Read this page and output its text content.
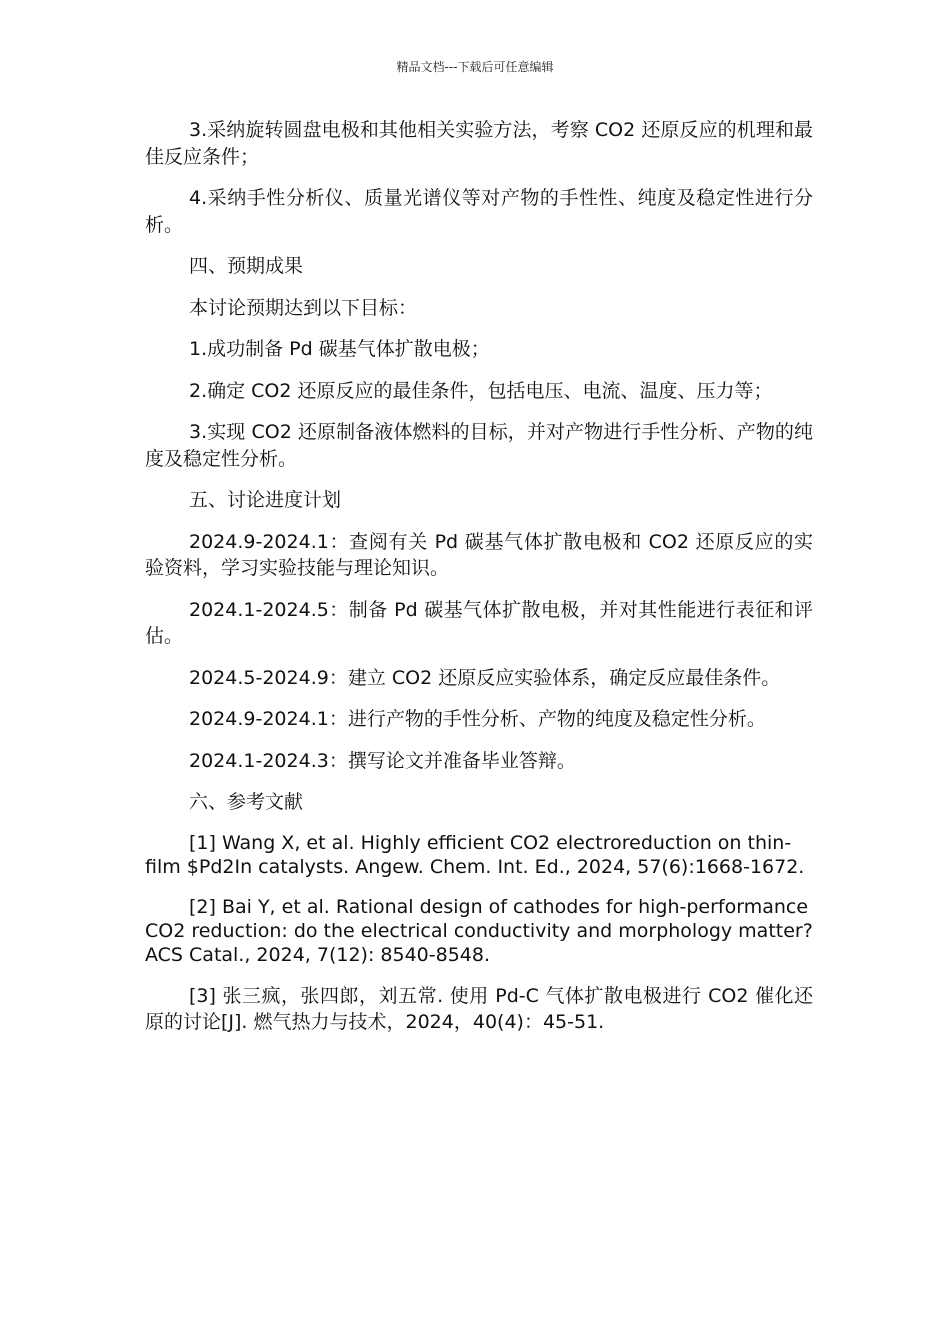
精品文档---下载后可任意编辑

3.采纳旋转圆盘电极和其他相关实验方法，考察 CO2 还原反应的机理和最佳反应条件；

4.采纳手性分析仪、质量光谱仪等对产物的手性性、纯度及稳定性进行分析。

四、预期成果

本讨论预期达到以下目标：

1.成功制备 Pd 碳基气体扩散电极；

2.确定 CO2 还原反应的最佳条件，包括电压、电流、温度、压力等；

3.实现 CO2 还原制备液体燃料的目标，并对产物进行手性分析、产物的纯度及稳定性分析。

五、讨论进度计划

2024.9-2024.1：查阅有关 Pd 碳基气体扩散电极和 CO2 还原反应的实验资料，学习实验技能与理论知识。

2024.1-2024.5：制备 Pd 碳基气体扩散电极，并对其性能进行表征和评估。

2024.5-2024.9：建立 CO2 还原反应实验体系，确定反应最佳条件。

2024.9-2024.1：进行产物的手性分析、产物的纯度及稳定性分析。

2024.1-2024.3：撰写论文并准备毕业答辩。

六、参考文献

[1] Wang X, et al. Highly efficient CO2 electroreduction on thin-film $Pd2In catalysts. Angew. Chem. Int. Ed., 2024, 57(6):1668-1672.

[2] Bai Y, et al. Rational design of cathodes for high-performance CO2 reduction: do the electrical conductivity and morphology matter? ACS Catal., 2024, 7(12): 8540-8548.

[3] 张三疯，张四郎，刘五常. 使用 Pd-C 气体扩散电极进行 CO2 催化还原的讨论[J]. 燃气热力与技术，2024，40(4)：45-51.
